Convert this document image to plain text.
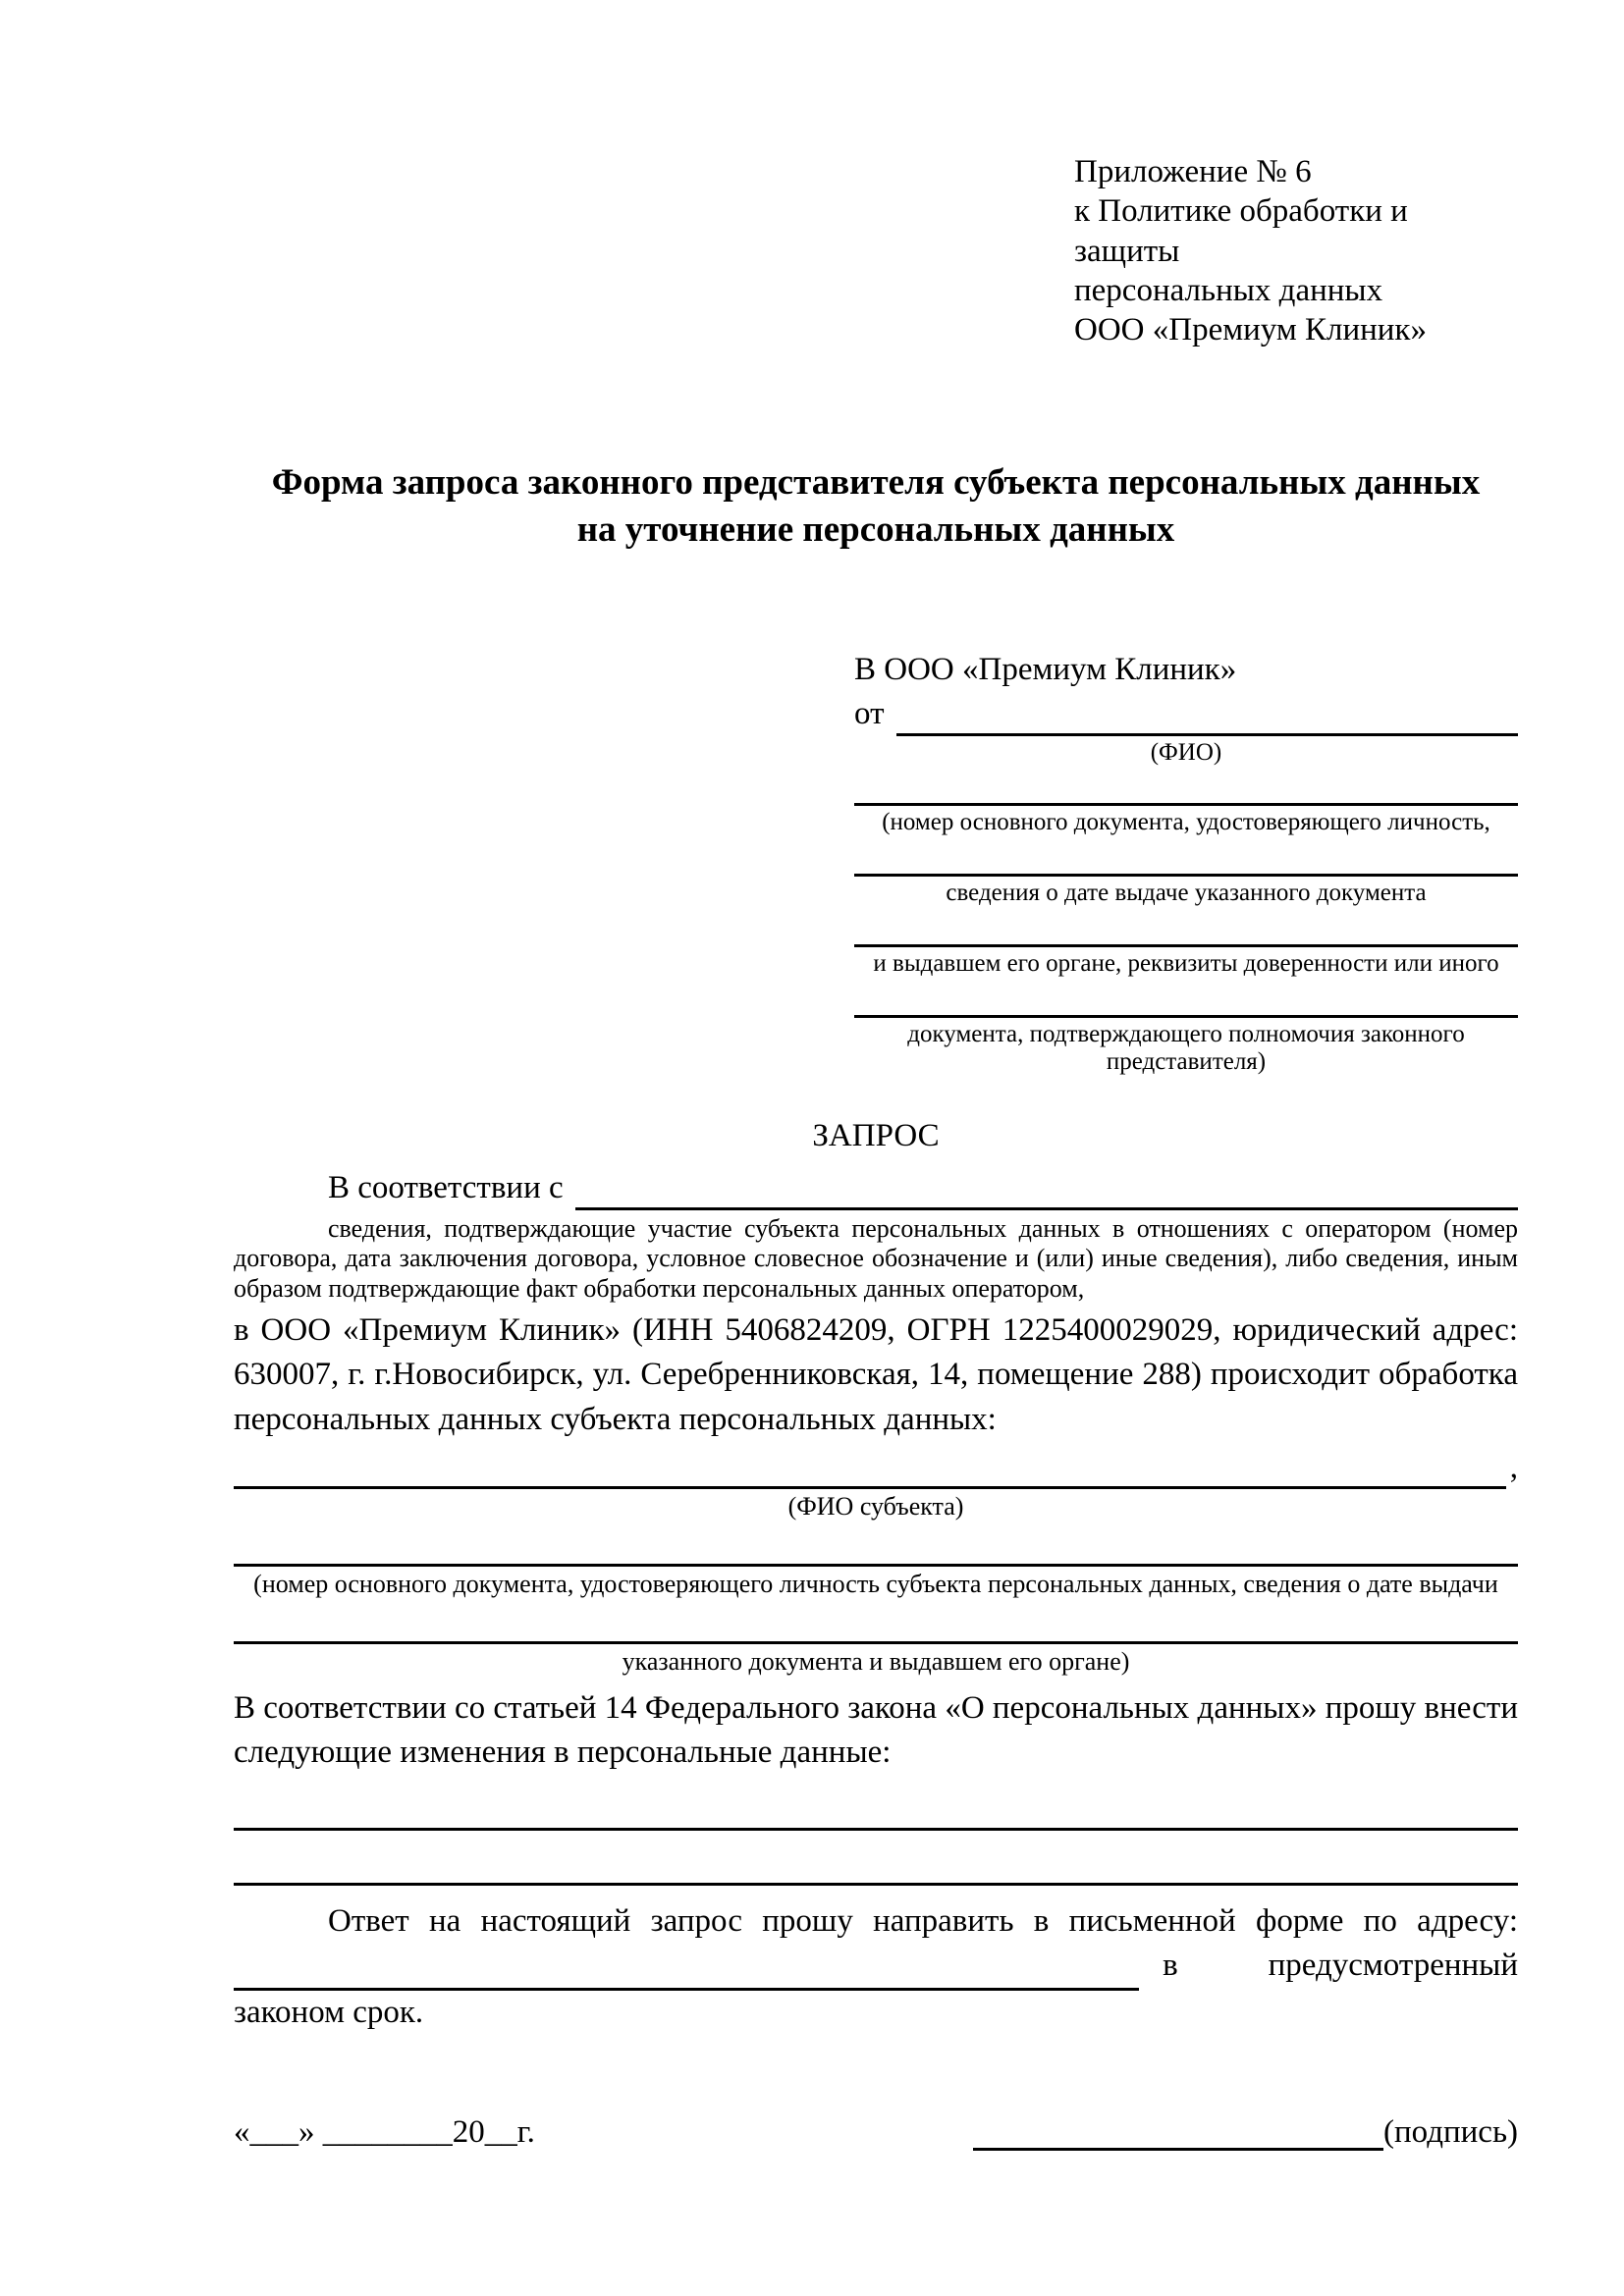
Приложение № 6
к Политике обработки и защиты
персональных данных
ООО «Премиум Клиник»
Форма запроса законного представителя субъекта персональных данных
на уточнение персональных данных
В ООО «Премиум Клиник»
от
(ФИО)
(номер основного документа, удостоверяющего личность,
сведения о дате выдаче указанного документа
и выдавшем его органе, реквизиты доверенности или иного
документа, подтверждающего полномочия законного представителя)
ЗАПРОС
В соответствии с
сведения, подтверждающие участие субъекта персональных данных в отношениях с оператором (номер договора, дата заключения договора, условное словесное обозначение и (или) иные сведения), либо сведения, иным образом подтверждающие факт обработки персональных данных оператором,

в ООО «Премиум Клиник» (ИНН 5406824209, ОГРН 1225400029029, юридический адрес: 630007, г. г.Новосибирск, ул. Серебренниковская, 14, помещение 288) происходит обработка персональных данных субъекта персональных данных:

,
(ФИО субъекта)
(номер основного документа, удостоверяющего личность субъекта персональных данных, сведения о дате выдачи
указанного документа и выдавшем его органе)

В соответствии со статьей 14 Федерального закона «О персональных данных» прошу внести следующие изменения в персональные данные:

Ответ на настоящий запрос прошу направить в письменной форме по адресу:

в	предусмотренный

законом срок.

«___» ________20__г.	(подпись)
